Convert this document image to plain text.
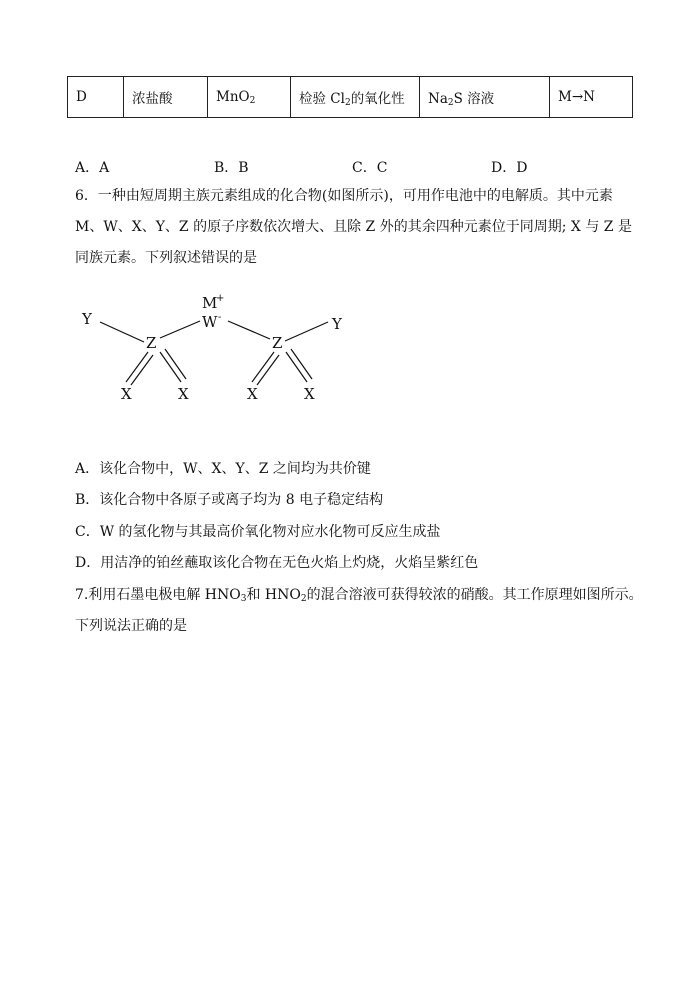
D	浓盐酸	MnO$_2$	检验 $Cl_2$的氧化性	$Na_2S$ 溶液	M→N
A．A	B．B	C．C	D．D
6．一种由短周期主族元素组成的化合物(如图所示)，可用作电池中的电解质。其中元素
M、W、X、Y、Z 的原子序数依次增大、且除 Z 外的其余四种元素位于同周期; X 与 Z 是
同族元素。下列叙述错误的是
M
+
W -
Y
Z	Z
Y
X	X	X	X
A．该化合物中，W、X、Y、Z 之间均为共价键
B．该化合物中各原子或离子均为 8 电子稳定结构
C．W 的氢化物与其最高价氧化物对应水化物可反应生成盐
D．用洁净的铂丝蘸取该化合物在无色火焰上灼烧，火焰呈紫红色
7.利用石墨电极电解 $HNO_3$和 $HNO_2$的混合溶液可获得较浓的硝酸。其工作原理如图所示。
下列说法正确的是
